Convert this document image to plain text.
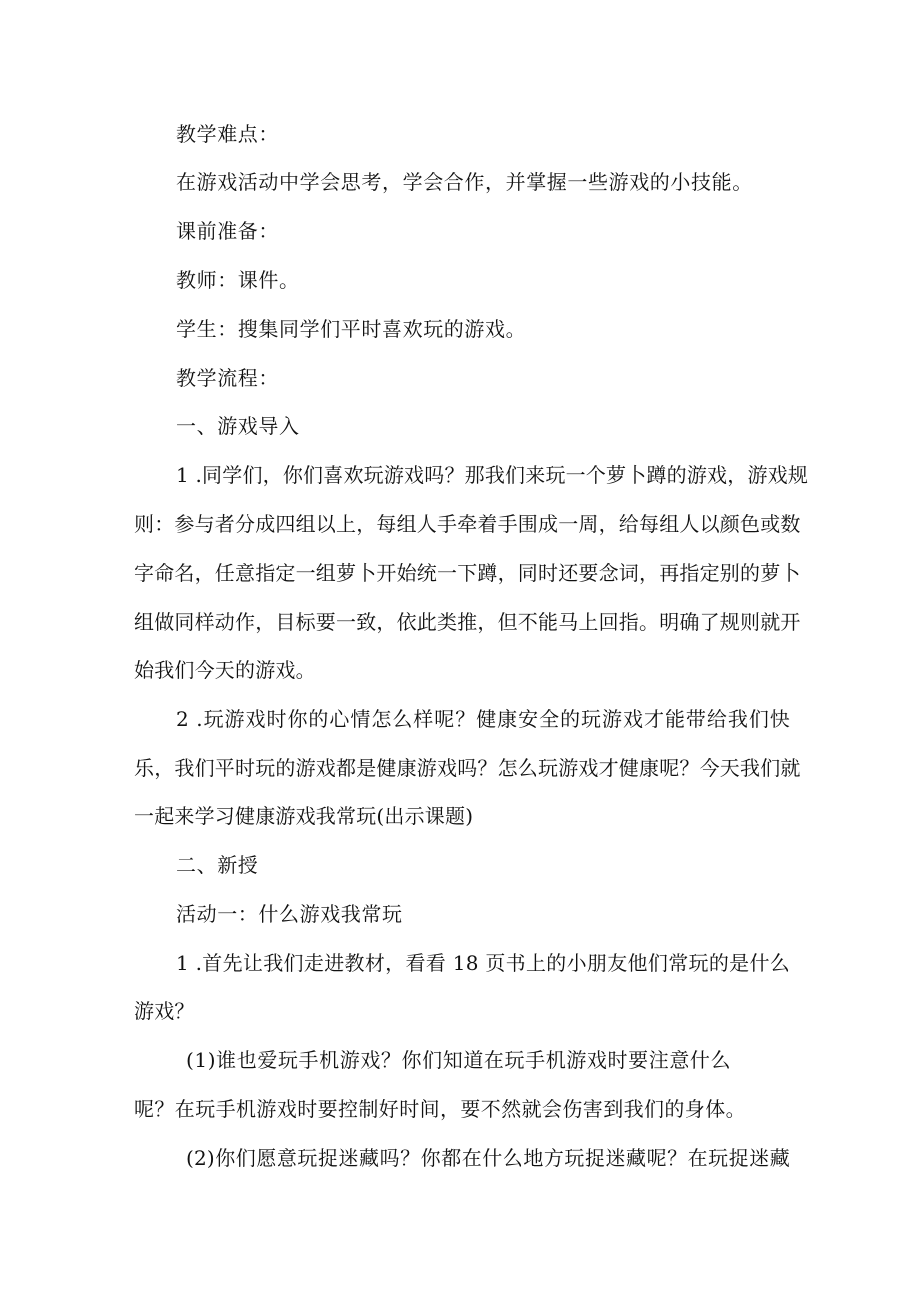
教学难点：
在游戏活动中学会思考，学会合作，并掌握一些游戏的小技能。
课前准备：
教师：课件。
学生：搜集同学们平时喜欢玩的游戏。
教学流程：
一、游戏导入
1 .同学们，你们喜欢玩游戏吗？那我们来玩一个萝卜蹲的游戏，游戏规
则：参与者分成四组以上，每组人手牵着手围成一周，给每组人以颜色或数
字命名，任意指定一组萝卜开始统一下蹲，同时还要念词，再指定别的萝卜
组做同样动作，目标要一致，依此类推，但不能马上回指。明确了规则就开
始我们今天的游戏。
2 .玩游戏时你的心情怎么样呢？健康安全的玩游戏才能带给我们快
乐，我们平时玩的游戏都是健康游戏吗？怎么玩游戏才健康呢？今天我们就
一起来学习健康游戏我常玩(出示课题)
二、新授
活动一：什么游戏我常玩
1 .首先让我们走进教材，看看 18 页书上的小朋友他们常玩的是什么
游戏？
(1)谁也爱玩手机游戏？你们知道在玩手机游戏时要注意什么
呢？在玩手机游戏时要控制好时间，要不然就会伤害到我们的身体。
(2)你们愿意玩捉迷藏吗？你都在什么地方玩捉迷藏呢？在玩捉迷藏
